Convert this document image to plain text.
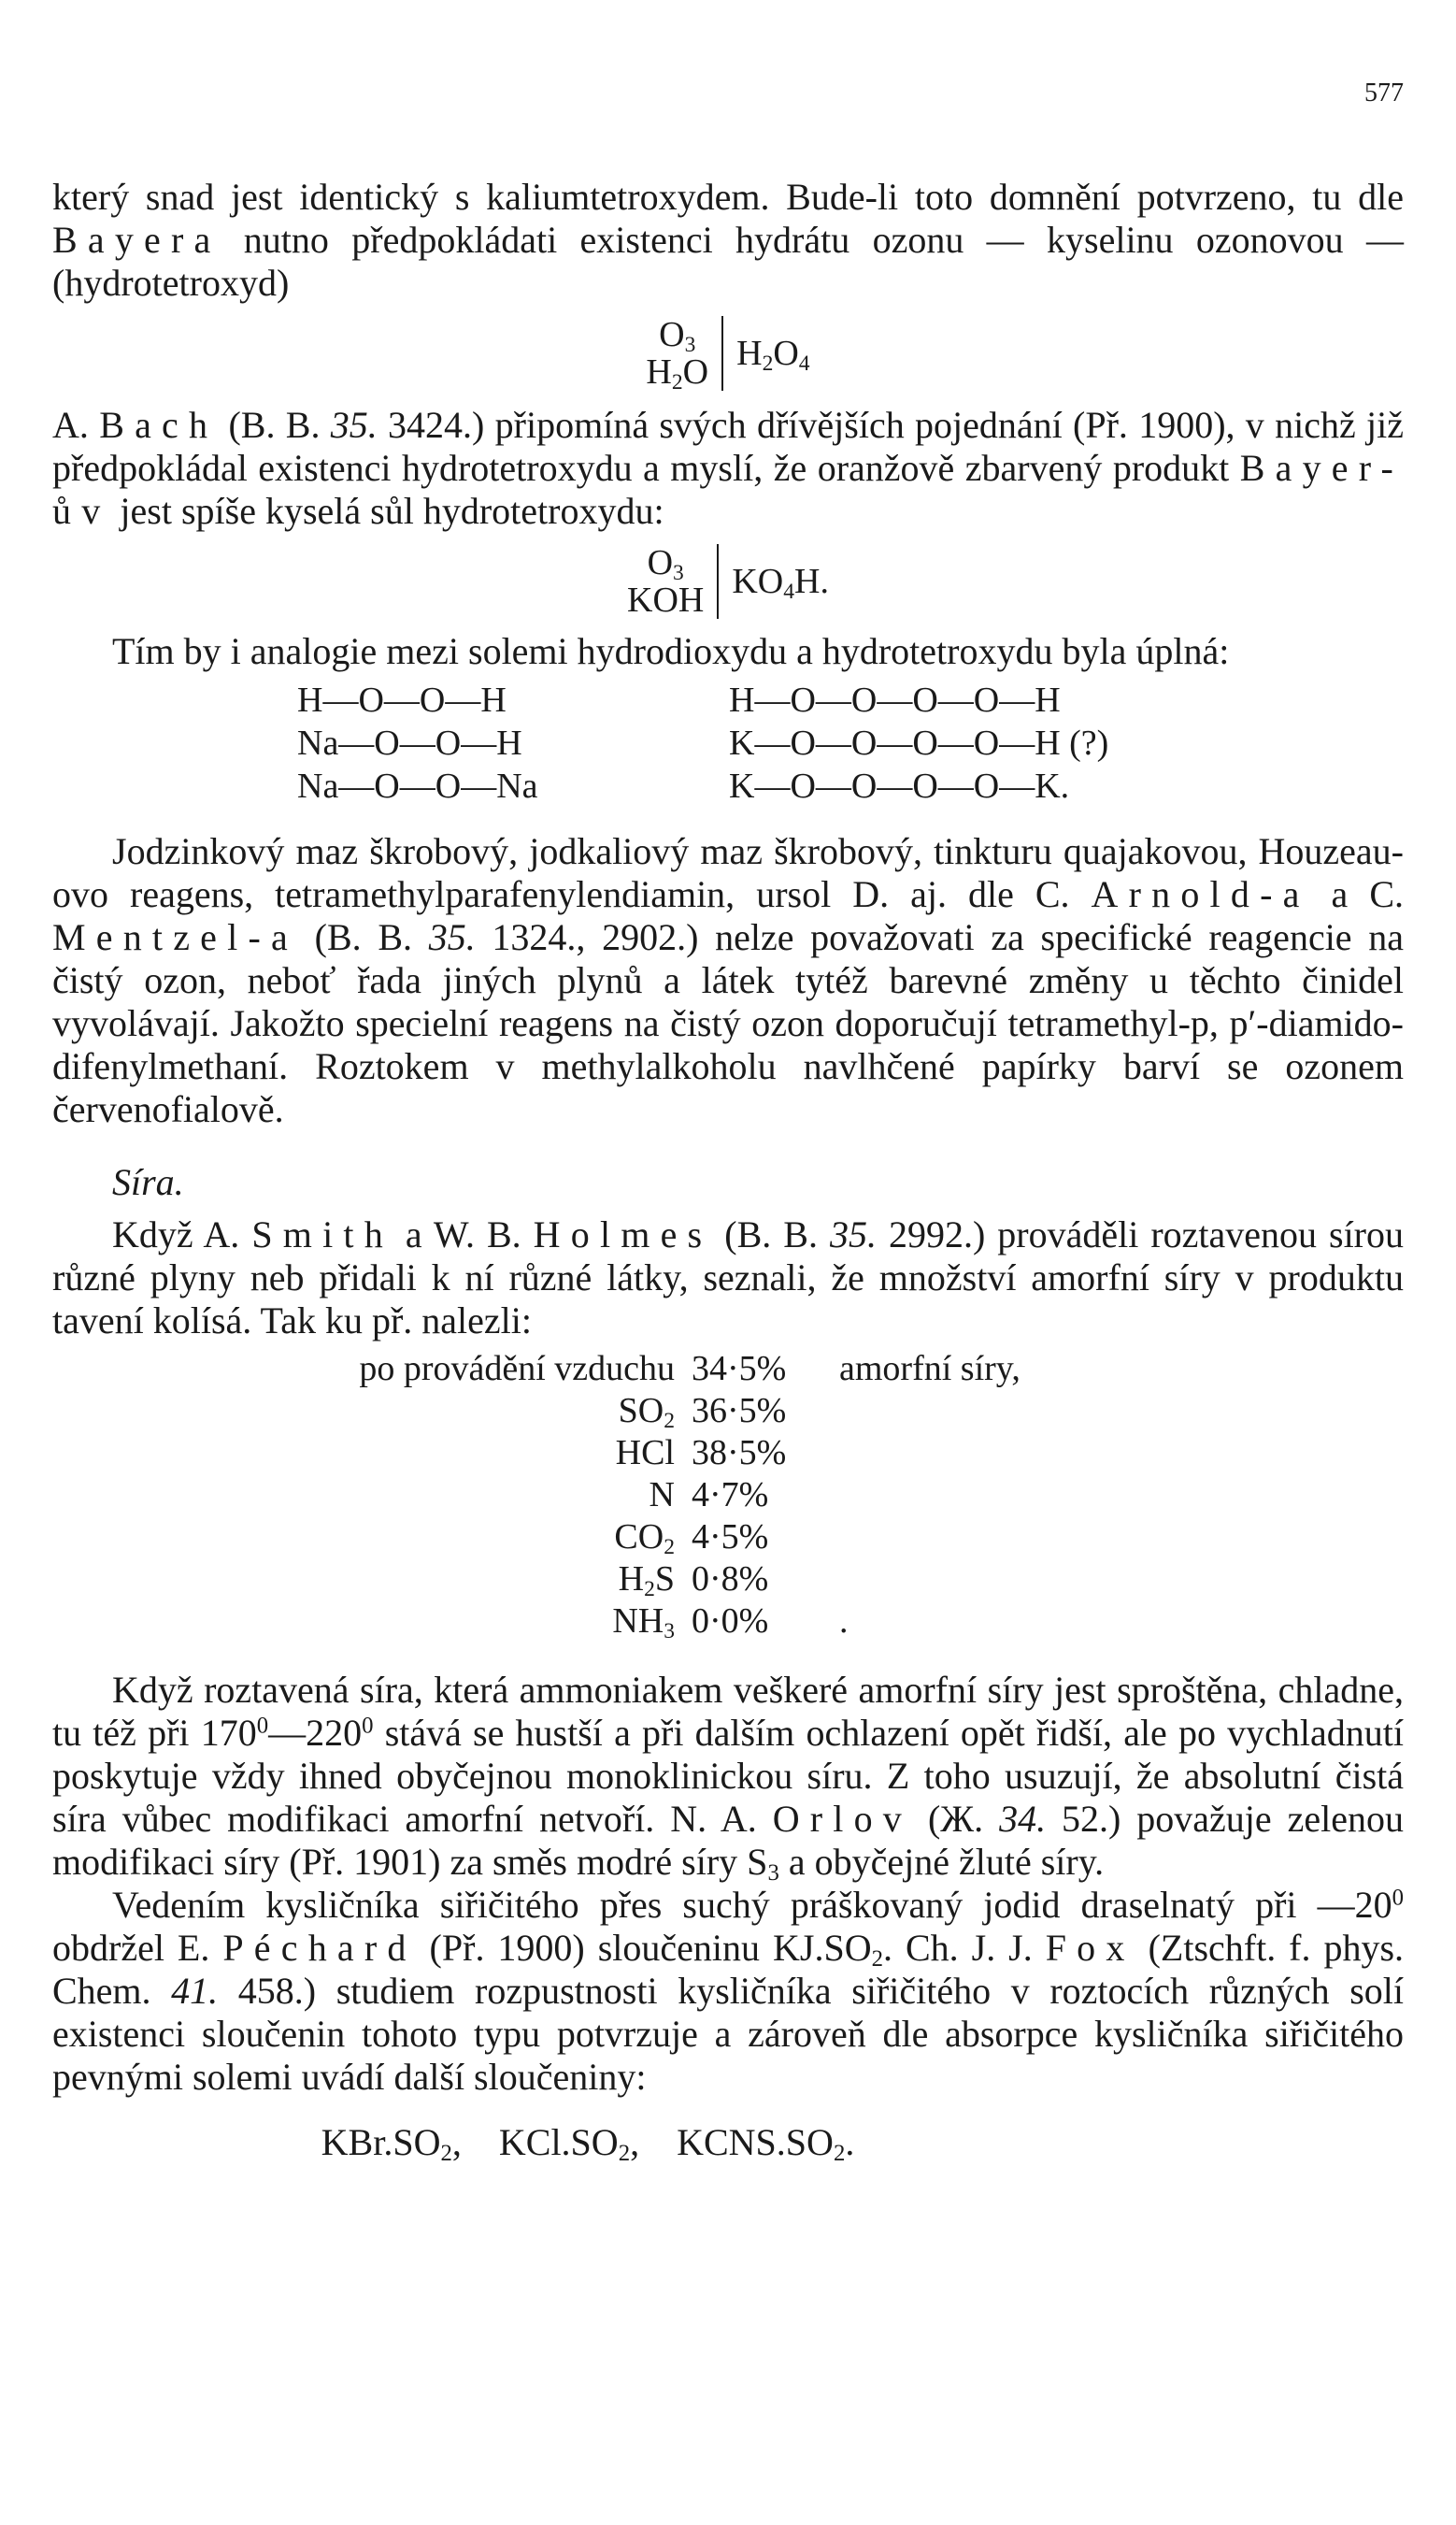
577

který snad jest identický s kaliumtetroxydem. Bude-li toto domnění potvrzeno, tu dle Bayera nutno předpokládati existenci hydrátu ozonu — kyselinu ozonovou — (hydrotetroxyd)

$O_3$
$H_2O$ $H_2O_4$

A. Bach (B. B. 35. 3424.) připomíná svých dřívějších pojednání (Př. 1900), v nichž již předpokládal existenci hydrotetroxydu a myslí, že oranžově zbarvený produkt Bayer-ův jest spíše kyselá sůl hydrotetroxydu:

$O_3$
KOH $KO_4H$.

Tím by i analogie mezi solemi hydrodioxydu a hydrotetroxydu byla úplná:

H—O—O—H
Na—O—O—H
Na—O—O—Na
H—O—O—O—O—H
K—O—O—O—O—H (?)
K—O—O—O—O—K.

Jodzinkový maz škrobový, jodkaliový maz škrobový, tinkturu quajakovou, Houzeau-ovo reagens, tetramethylparafenylendiamin, ursol D. aj. dle C. Arnold-a a C. Mentzel-a (B. B. 35. 1324., 2902.) nelze považovati za specifické reagencie na čistý ozon, neboť řada jiných plynů a látek tytéž barevné změny u těchto činidel vyvolávají. Jakožto specielní reagens na čistý ozon doporučují tetramethyl-p, p′-diamido-difenylmethaní. Roztokem v methylalkoholu navlhčené papírky barví se ozonem červenofialově.

Síra.

Když A. Smith a W. B. Holmes (B. B. 35. 2992.) prováděli roztavenou sírou různé plyny neb přidali k ní různé látky, seznali, že množství amorfní síry v produktu tavení kolísá. Tak ku př. nalezli:

po provádění vzduchu 34·5%	amorfní síry,
$SO_2$ 36·5%
HCl 38·5%
N 4·7%
$CO_2$ 4·5%
$H_2S$ 0·8%
$NH_3$ 0·0%	.

Když roztavená síra, která ammoniakem veškeré amorfní síry jest sproštěna, chladne, tu též při $170^0—220^0$ stává se hustší a při dalším ochlazení opět řidší, ale po vychladnutí poskytuje vždy ihned obyčejnou monoklinickou síru. Z toho usuzují, že absolutní čistá síra vůbec modifikaci amorfní netvoří. N. A. Orlov (Ж. 34. 52.) považuje zelenou modifikaci síry (Př. 1901) za směs modré síry $S_3$ a obyčejné žluté síry.

Vedením kysličníka siřičitého přes suchý práškovaný jodid draselnatý při $—20^0$ obdržel E. Péchard (Př. 1900) sloučeninu $KJ.SO_2$. Ch. J. J. Fox (Ztschft. f. phys. Chem. 41. 458.) studiem rozpustnosti kysličníka siřičitého v roztocích různých solí existenci sloučenin tohoto typu potvrzuje a zároveň dle absorpce kysličníka siřičitého pevnými solemi uvádí další sloučeniny:

$KBr.SO_2$,    $KCl.SO_2$,    $KCNS.SO_2$.
